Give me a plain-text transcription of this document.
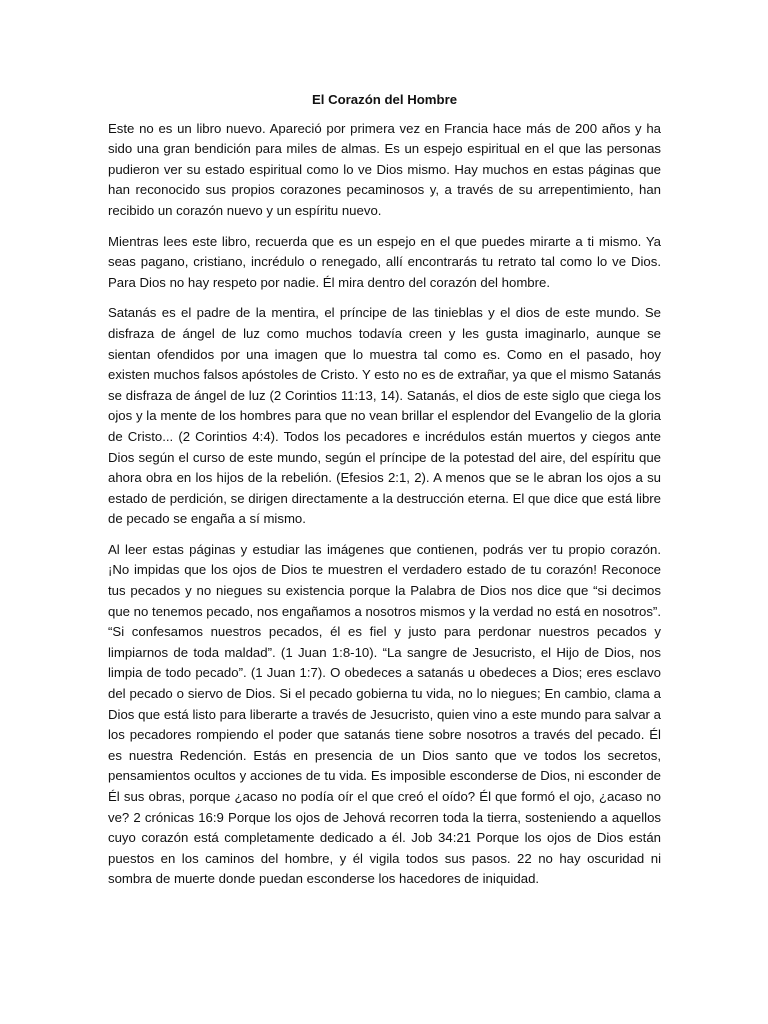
El Corazón del Hombre

Este no es un libro nuevo. Apareció por primera vez en Francia hace más de 200 años y ha sido una gran bendición para miles de almas. Es un espejo espiritual en el que las personas pudieron ver su estado espiritual como lo ve Dios mismo. Hay muchos en estas páginas que han reconocido sus propios corazones pecaminosos y, a través de su arrepentimiento, han recibido un corazón nuevo y un espíritu nuevo.

Mientras lees este libro, recuerda que es un espejo en el que puedes mirarte a ti mismo. Ya seas pagano, cristiano, incrédulo o renegado, allí encontrarás tu retrato tal como lo ve Dios. Para Dios no hay respeto por nadie. Él mira dentro del corazón del hombre.

Satanás es el padre de la mentira, el príncipe de las tinieblas y el dios de este mundo. Se disfraza de ángel de luz como muchos todavía creen y les gusta imaginarlo, aunque se sientan ofendidos por una imagen que lo muestra tal como es. Como en el pasado, hoy existen muchos falsos apóstoles de Cristo. Y esto no es de extrañar, ya que el mismo Satanás se disfraza de ángel de luz (2 Corintios 11:13, 14). Satanás, el dios de este siglo que ciega los ojos y la mente de los hombres para que no vean brillar el esplendor del Evangelio de la gloria de Cristo... (2 Corintios 4:4). Todos los pecadores e incrédulos están muertos y ciegos ante Dios según el curso de este mundo, según el príncipe de la potestad del aire, del espíritu que ahora obra en los hijos de la rebelión. (Efesios 2:1, 2). A menos que se le abran los ojos a su estado de perdición, se dirigen directamente a la destrucción eterna. El que dice que está libre de pecado se engaña a sí mismo.

Al leer estas páginas y estudiar las imágenes que contienen, podrás ver tu propio corazón. ¡No impidas que los ojos de Dios te muestren el verdadero estado de tu corazón! Reconoce tus pecados y no niegues su existencia porque la Palabra de Dios nos dice que “si decimos que no tenemos pecado, nos engañamos a nosotros mismos y la verdad no está en nosotros”. “Si confesamos nuestros pecados, él es fiel y justo para perdonar nuestros pecados y limpiarnos de toda maldad”. (1 Juan 1:8-10). “La sangre de Jesucristo, el Hijo de Dios, nos limpia de todo pecado”. (1 Juan 1:7). O obedeces a satanás u obedeces a Dios; eres esclavo del pecado o siervo de Dios. Si el pecado gobierna tu vida, no lo niegues; En cambio, clama a Dios que está listo para liberarte a través de Jesucristo, quien vino a este mundo para salvar a los pecadores rompiendo el poder que satanás tiene sobre nosotros a través del pecado. Él es nuestra Redención. Estás en presencia de un Dios santo que ve todos los secretos, pensamientos ocultos y acciones de tu vida. Es imposible esconderse de Dios, ni esconder de Él sus obras, porque ¿acaso no podía oír el que creó el oído? Él que formó el ojo, ¿acaso no ve? 2 crónicas 16:9 Porque los ojos de Jehová recorren toda la tierra, sosteniendo a aquellos cuyo corazón está completamente dedicado a él. Job 34:21 Porque los ojos de Dios están puestos en los caminos del hombre, y él vigila todos sus pasos. 22 no hay oscuridad ni sombra de muerte donde puedan esconderse los hacedores de iniquidad.
